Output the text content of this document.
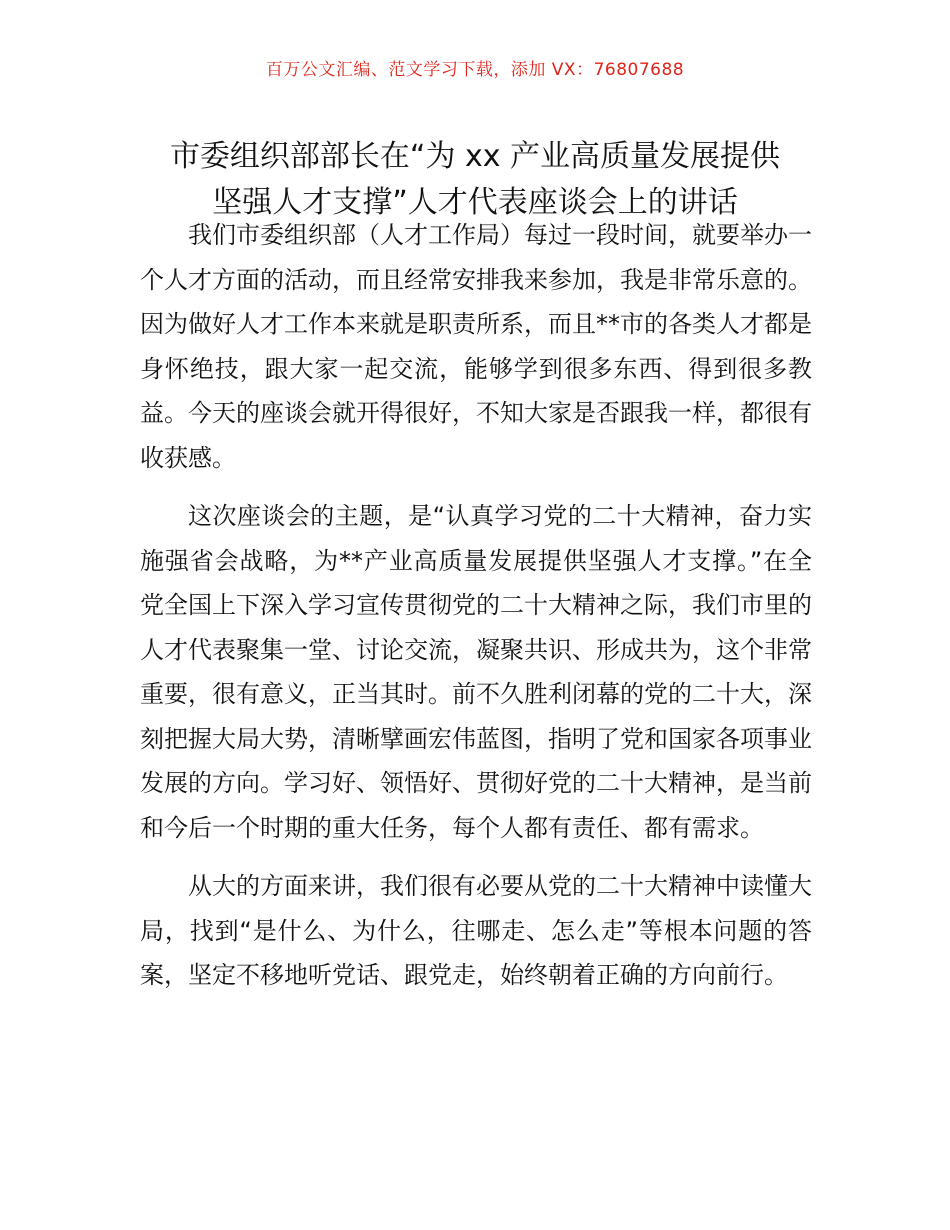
百万公文汇编、范文学习下载，添加 VX：76807688
市委组织部部长在“为 xx 产业高质量发展提供
坚强人才支撑”人才代表座谈会上的讲话

我们市委组织部（人才工作局）每过一段时间，就要举办一个人才方面的活动，而且经常安排我来参加，我是非常乐意的。因为做好人才工作本来就是职责所系，而且**市的各类人才都是身怀绝技，跟大家一起交流，能够学到很多东西、得到很多教益。今天的座谈会就开得很好，不知大家是否跟我一样，都很有收获感。

这次座谈会的主题，是“认真学习党的二十大精神，奋力实施强省会战略，为**产业高质量发展提供坚强人才支撑。”在全党全国上下深入学习宣传贯彻党的二十大精神之际，我们市里的人才代表聚集一堂、讨论交流，凝聚共识、形成共为，这个非常重要，很有意义，正当其时。前不久胜利闭幕的党的二十大，深刻把握大局大势，清晰擘画宏伟蓝图，指明了党和国家各项事业发展的方向。学习好、领悟好、贯彻好党的二十大精神，是当前和今后一个时期的重大任务，每个人都有责任、都有需求。

从大的方面来讲，我们很有必要从党的二十大精神中读懂大局，找到“是什么、为什么，往哪走、怎么走”等根本问题的答案，坚定不移地听党话、跟党走，始终朝着正确的方向前行。
